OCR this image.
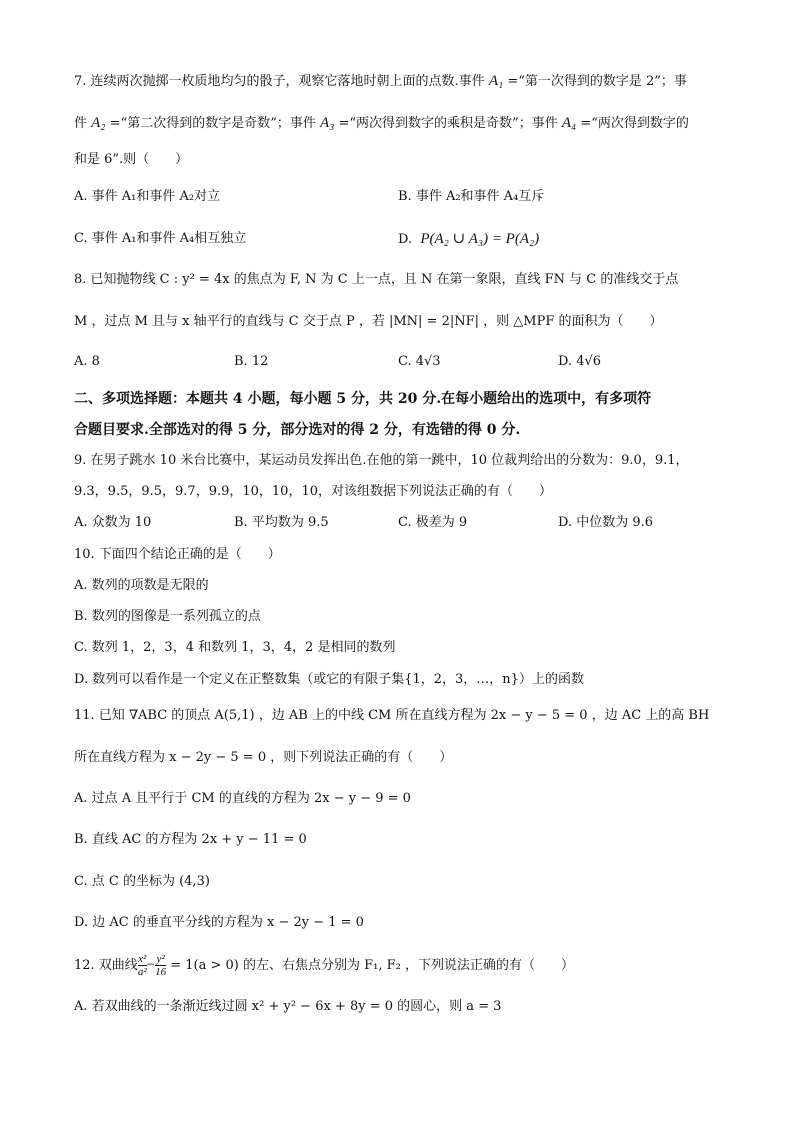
7. 连续两次抛掷一枚质地均匀的骰子，观察它落地时朝上面的点数.事件 A₁ =“第一次得到的数字是 2”；事
件 A₂ =“第二次得到的数字是奇数”；事件 A₃ =“两次得到数字的乘积是奇数”；事件 A₄ =“两次得到数字的
和是 6”.则（　　）
A. 事件 A₁和事件 A₂对立	B. 事件 A₂和事件 A₄互斥
C. 事件 A₁和事件 A₄相互独立	D. P(A₂ ∪ A₃) = P(A₂)
8. 已知抛物线 C : y² = 4x 的焦点为 F, N 为 C 上一点，且 N 在第一象限，直线 FN 与 C 的准线交于点
M ，过点 M 且与 x 轴平行的直线与 C 交于点 P ，若 |MN| = 2|NF| ，则 △MPF 的面积为（　　）
A. 8	B. 12	C. 4√3	D. 4√6
二、多项选择题：本题共 4 小题，每小题 5 分，共 20 分.在每小题给出的选项中，有多项符
合题目要求.全部选对的得 5 分，部分选对的得 2 分，有选错的得 0 分.
9. 在男子跳水 10 米台比赛中，某运动员发挥出色.在他的第一跳中，10 位裁判给出的分数为：9.0，9.1，
9.3，9.5，9.5，9.7，9.9，10，10，10，对该组数据下列说法正确的有（　　）
A. 众数为 10	B. 平均数为 9.5	C. 极差为 9	D. 中位数为 9.6
10. 下面四个结论正确的是（　　）
A. 数列的项数是无限的
B. 数列的图像是一系列孤立的点
C. 数列 1，2，3，4 和数列 1，3，4，2 是相同的数列
D. 数列可以看作是一个定义在正整数集（或它的有限子集{1，2，3，…，n}）上的函数
11. 已知 ∇ABC 的顶点 A(5,1) ，边 AB 上的中线 CM 所在直线方程为 2x − y − 5 = 0 ，边 AC 上的高 BH
所在直线方程为 x − 2y − 5 = 0 ，则下列说法正确的有（　　）
A. 过点 A 且平行于 CM 的直线的方程为 2x − y − 9 = 0
B. 直线 AC 的方程为 2x + y − 11 = 0
C. 点 C 的坐标为 (4,3)
D. 边 AC 的垂直平分线的方程为 x − 2y − 1 = 0
12. 双曲线 $\frac{\text{x²}}{\text{a²}} - \frac{\text{y²}}{16} = 1(a > 0)$ 的左、右焦点分别为 F₁, F₂ ，下列说法正确的有（　　）
A. 若双曲线的一条渐近线过圆 x² + y² − 6x + 8y = 0 的圆心，则 a = 3
